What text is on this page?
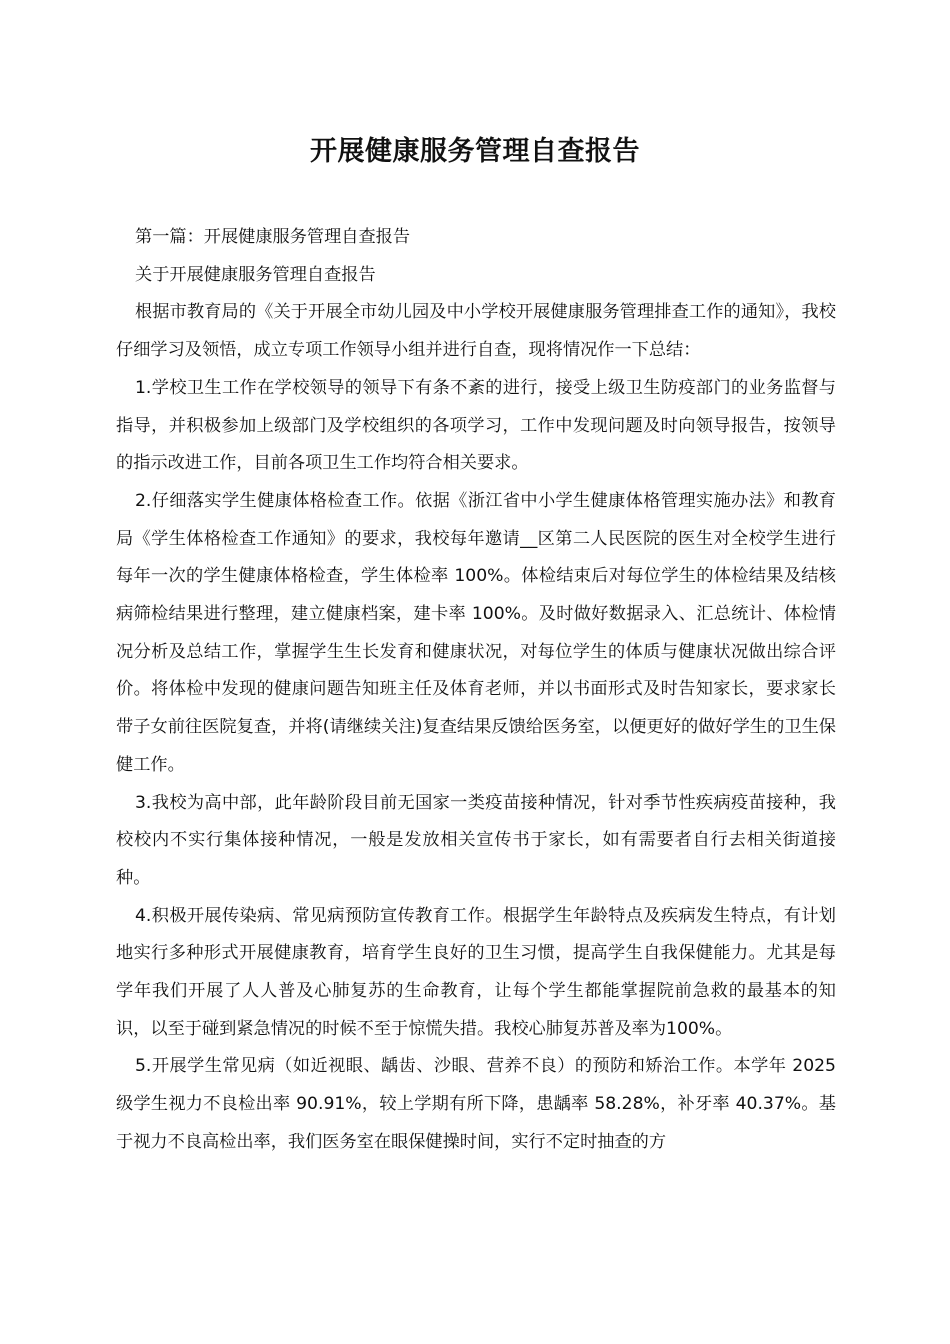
开展健康服务管理自查报告

第一篇：开展健康服务管理自查报告

关于开展健康服务管理自查报告

根据市教育局的《关于开展全市幼儿园及中小学校开展健康服务管理排查工作的通知》，我校仔细学习及领悟，成立专项工作领导小组并进行自查，现将情况作一下总结：

1.学校卫生工作在学校领导的领导下有条不紊的进行，接受上级卫生防疫部门的业务监督与指导，并积极参加上级部门及学校组织的各项学习，工作中发现问题及时向领导报告，按领导的指示改进工作，目前各项卫生工作均符合相关要求。

2.仔细落实学生健康体格检查工作。依据《浙江省中小学生健康体格管理实施办法》和教育局《学生体格检查工作通知》的要求，我校每年邀请__区第二人民医院的医生对全校学生进行每年一次的学生健康体格检查，学生体检率 100%。体检结束后对每位学生的体检结果及结核病筛检结果进行整理，建立健康档案，建卡率 100%。及时做好数据录入、汇总统计、体检情况分析及总结工作，掌握学生生长发育和健康状况，对每位学生的体质与健康状况做出综合评价。将体检中发现的健康问题告知班主任及体育老师，并以书面形式及时告知家长，要求家长带子女前往医院复查，并将(请继续关注)复查结果反馈给医务室，以便更好的做好学生的卫生保健工作。

3.我校为高中部，此年龄阶段目前无国家一类疫苗接种情况，针对季节性疾病疫苗接种，我校校内不实行集体接种情况，一般是发放相关宣传书于家长，如有需要者自行去相关街道接种。

4.积极开展传染病、常见病预防宣传教育工作。根据学生年龄特点及疾病发生特点，有计划地实行多种形式开展健康教育，培育学生良好的卫生习惯，提高学生自我保健能力。尤其是每学年我们开展了人人普及心肺复苏的生命教育，让每个学生都能掌握院前急救的最基本的知识，以至于碰到紧急情况的时候不至于惊慌失措。我校心肺复苏普及率为100%。

5.开展学生常见病（如近视眼、龋齿、沙眼、营养不良）的预防和矫治工作。本学年 2025 级学生视力不良检出率 90.91%，较上学期有所下降，患龋率 58.28%，补牙率 40.37%。基于视力不良高检出率，我们医务室在眼保健操时间，实行不定时抽查的方
